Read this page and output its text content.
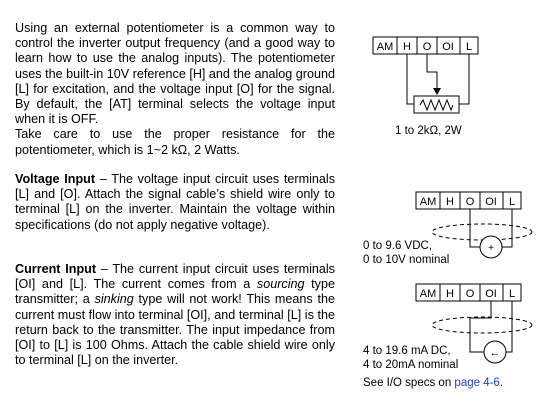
Using an external potentiometer is a common way to control the inverter output frequency (and a good way to learn how to use the analog inputs). The potentiometer uses the built-in 10V reference [H] and the analog ground [L] for excitation, and the voltage input [O] for the signal. By default, the [AT] terminal selects the voltage input when it is OFF.
Take care to use the proper resistance for the potentiometer, which is 1~2 kΩ, 2 Watts.

Voltage Input – The voltage input circuit uses terminals [L] and [O]. Attach the signal cable’s shield wire only to terminal [L] on the inverter. Maintain the voltage within specifications (do not apply negative voltage).

Current Input – The current input circuit uses terminals [OI] and [L]. The current comes from a sourcing type transmitter; a sinking type will not work! This means the current must flow into terminal [OI], and terminal [L] is the return back to the transmitter. The input impedance from [OI] to [L] is 100 Ohms. Attach the cable shield wire only to terminal [L] on the inverter.

AM H O OI L
1 to 2kΩ, 2W
AM H O OI L
+
0 to 9.6 VDC,
0 to 10V nominal
AM H O OI L
←
4 to 19.6 mA DC,
4 to 20mA nominal
See I/O specs on page 4-6.
